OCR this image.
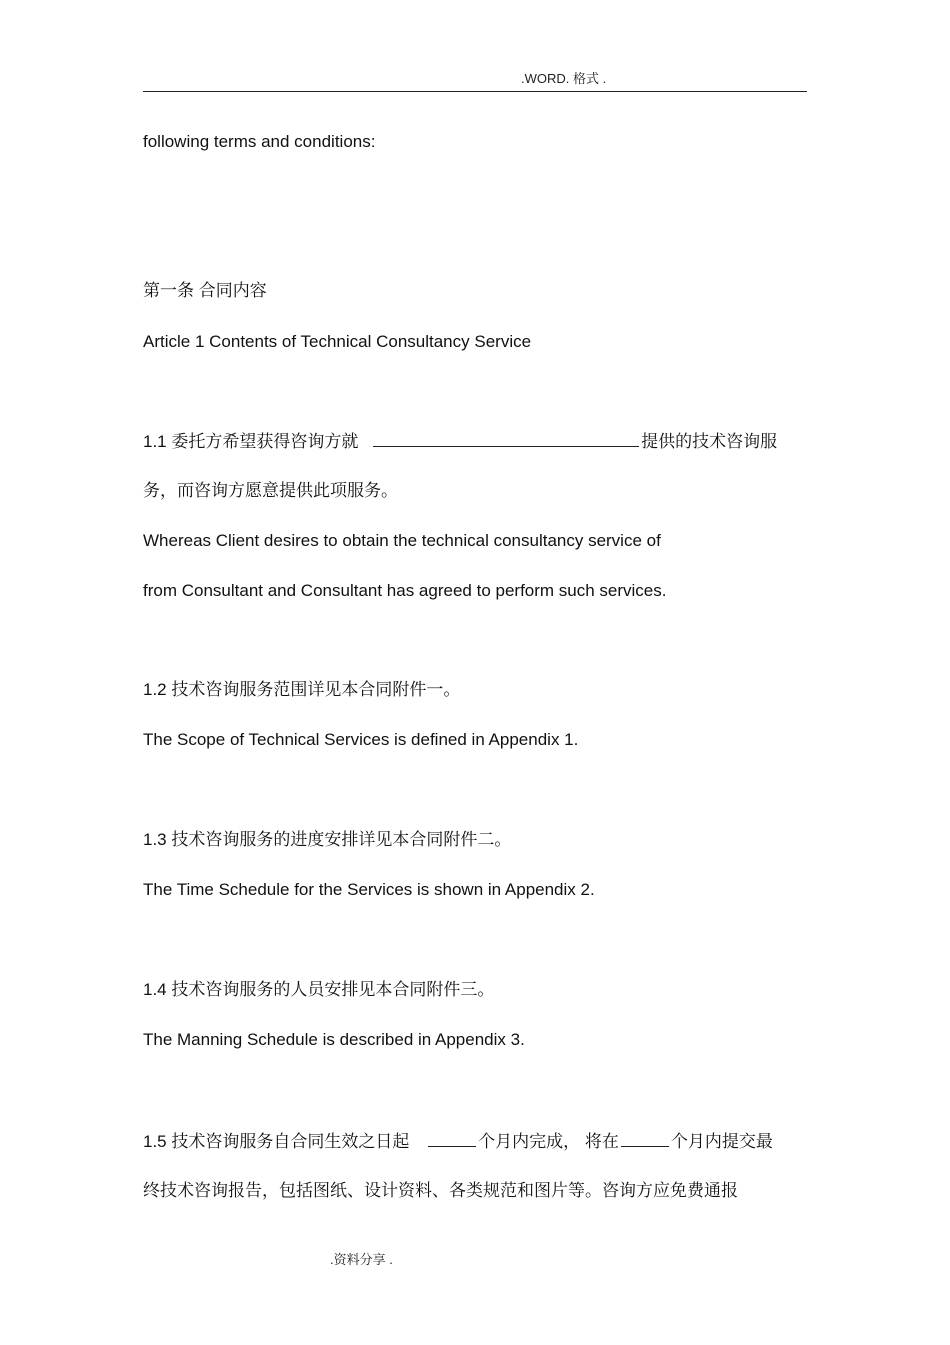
.WORD. 格式 .
following terms and conditions:
第一条 合同内容
Article 1 Contents of Technical Consultancy Service
1.1 委托方希望获得咨询方就	提供的技术咨询服
务，而咨询方愿意提供此项服务。
Whereas Client desires to obtain the technical consultancy service of
from Consultant and Consultant has agreed to perform such services.
1.2 技术咨询服务范围详见本合同附件一。
The Scope of Technical Services is defined in Appendix 1.
1.3 技术咨询服务的进度安排详见本合同附件二。
The Time Schedule for the Services is shown in Appendix 2.
1.4 技术咨询服务的人员安排见本合同附件三。
The Manning Schedule is described in Appendix 3.
1.5 技术咨询服务自合同生效之日起	个月内完成， 将在	个月内提交最
终技术咨询报告，包括图纸、设计资料、各类规范和图片等。咨询方应免费通报
.资料分享 .
